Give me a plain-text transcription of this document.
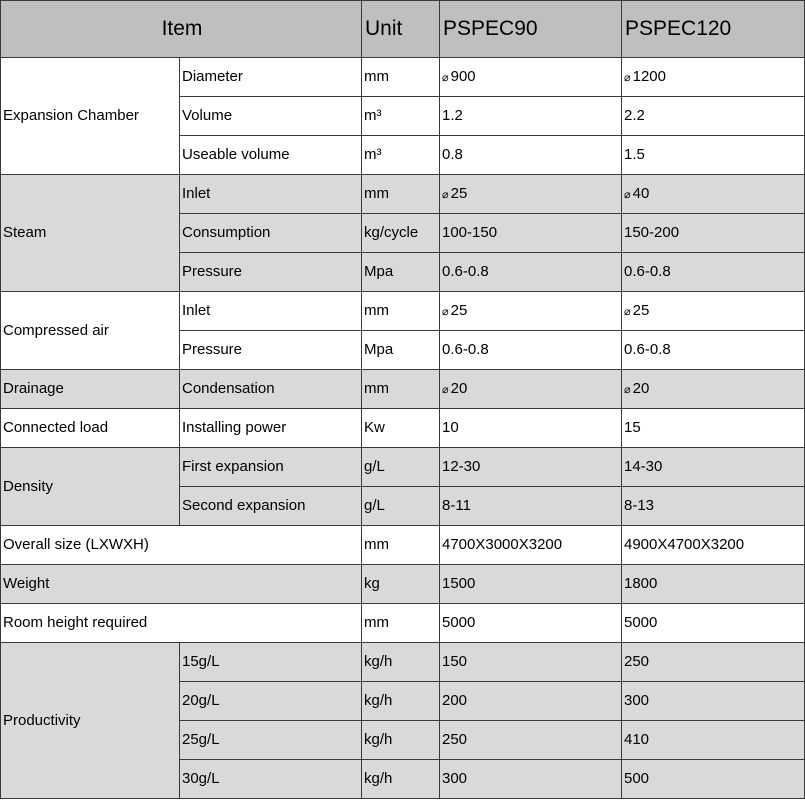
Item		Unit	PSPEC90	PSPEC120
Expansion Chamber	Diameter	mm	⌀ 900	⌀ 1200
	Volume	m³	1.2	2.2
	Useable volume	m³	0.8	1.5
Steam	Inlet	mm	⌀ 25	⌀ 40
	Consumption	kg/cycle	100-150	150-200
	Pressure	Mpa	0.6-0.8	0.6-0.8
Compressed air	Inlet	mm	⌀ 25	⌀ 25
	Pressure	Mpa	0.6-0.8	0.6-0.8
Drainage	Condensation	mm	⌀ 20	⌀ 20
Connected load	Installing power	Kw	10	15
Density	First expansion	g/L	12-30	14-30
	Second expansion	g/L	8-11	8-13
Overall size (LXWXH)		mm	4700X3000X3200	4900X4700X3200
Weight		kg	1500	1800
Room height required		mm	5000	5000
Productivity	15g/L	kg/h	150	250
	20g/L	kg/h	200	300
	25g/L	kg/h	250	410
	30g/L	kg/h	300	500
